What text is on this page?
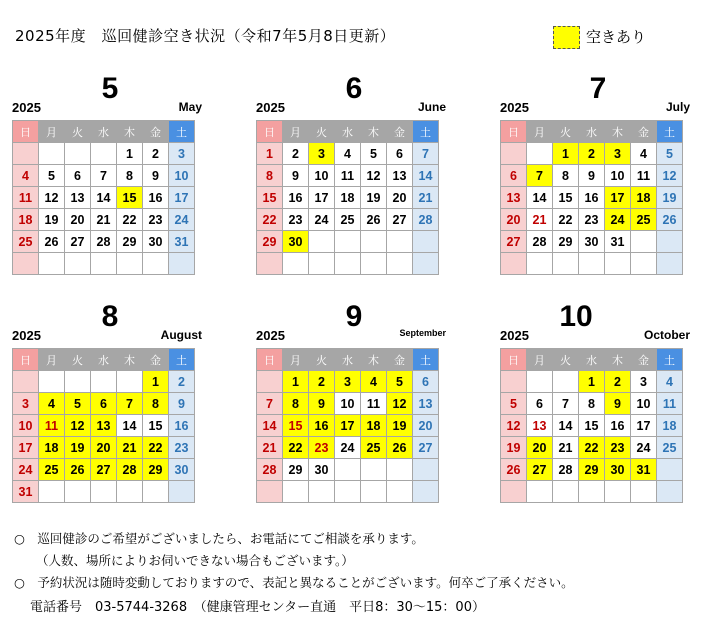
2025年度　巡回健診空き状況（令和7年5月8日更新）	空きあり
2025
5
May
日	月	火	水	木	金	土
				1	2	3
4	5	6	7	8	9	10
11	12	13	14	15	16	17
18	19	20	21	22	23	24
25	26	27	28	29	30	31

2025
6
June
日	月	火	水	木	金	土
1	2	3	4	5	6	7
8	9	10	11	12	13	14
15	16	17	18	19	20	21
22	23	24	25	26	27	28
29	30					

2025
7
July
日	月	火	水	木	金	土
		1	2	3	4	5
6	7	8	9	10	11	12
13	14	15	16	17	18	19
20	21	22	23	24	25	26
27	28	29	30	31		

2025
8
August
日	月	火	水	木	金	土
					1	2
3	4	5	6	7	8	9
10	11	12	13	14	15	16
17	18	19	20	21	22	23
24	25	26	27	28	29	30
31						
2025
9	September
日	月	火	水	木	金	土
	1	2	3	4	5	6
7	8	9	10	11	12	13
14	15	16	17	18	19	20
21	22	23	24	25	26	27
28	29	30				

2025
10
October
日	月	火	水	木	金	土
			1	2	3	4
5	6	7	8	9	10	11
12	13	14	15	16	17	18
19	20	21	22	23	24	25
26	27	28	29	30	31	

○　巡回健診のご希望がございましたら、お電話にてご相談を承ります。
（人数、場所によりお伺いできない場合もございます。）
○　予約状況は随時変動しておりますので、表記と異なることがございます。何卒ご了承ください。
電話番号　03-5744-3268　（健康管理センター直通　平日8：30～15：00）
